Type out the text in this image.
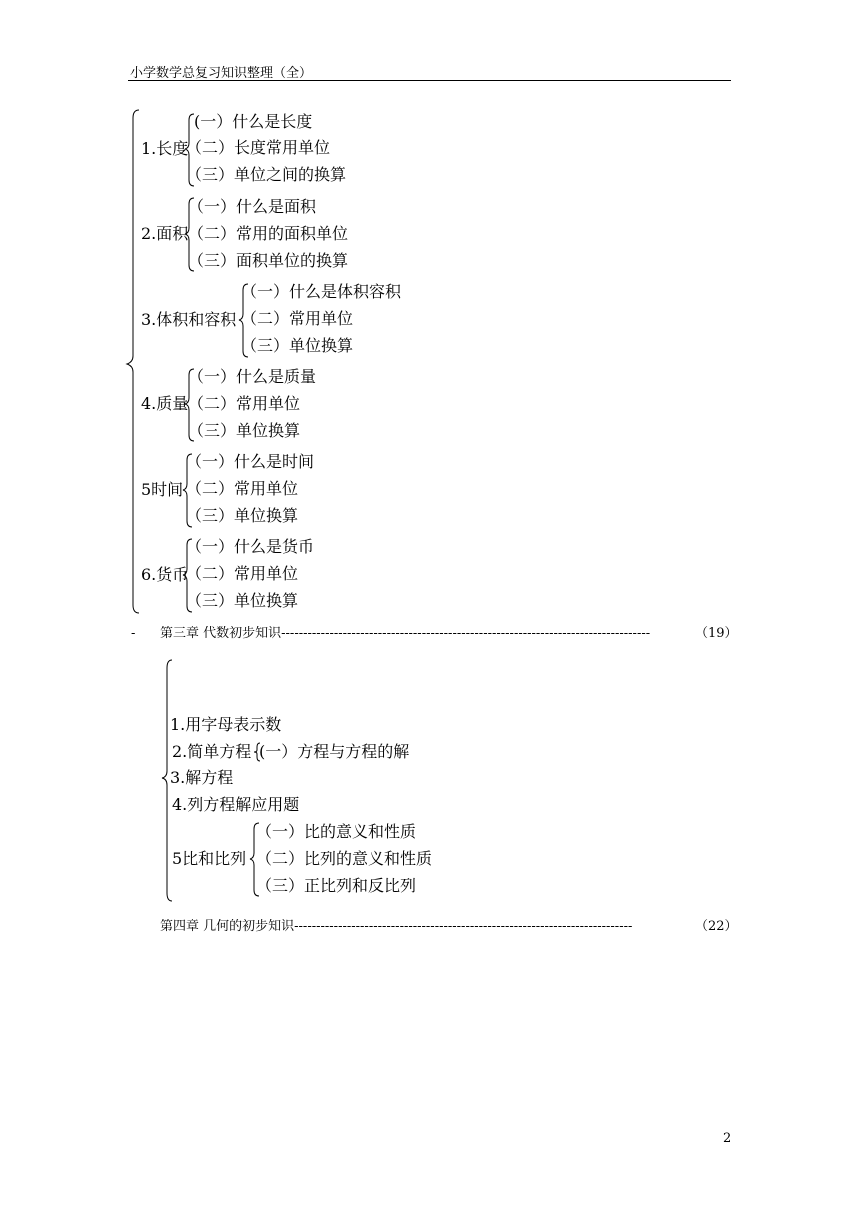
小学数学总复习知识整理（全）
1.长度
(一）什么是长度
（二）长度常用单位
（三）单位之间的换算
2.面积
（一）什么是面积
（二）常用的面积单位
（三）面积单位的换算
3.体积和容积
（一）什么是体积容积
（二）常用单位
（三）单位换算
4.质量
（一）什么是质量
（二）常用单位
（三）单位换算
5时间
（一）什么是时间
（二）常用单位
（三）单位换算
6.货币
（一）什么是货币
（二）常用单位
（三）单位换算
- 第三章 代数初步知识------------------------------------------------------------------------------------	（19）
1.用字母表示数
2.简单方程 (一）方程与方程的解
3.解方程
4.列方程解应用题
5比和比列
（一）比的意义和性质
（二）比列的意义和性质
（三）正比列和反比列
第四章 几何的初步知识-----------------------------------------------------------------------------	（22）
2
